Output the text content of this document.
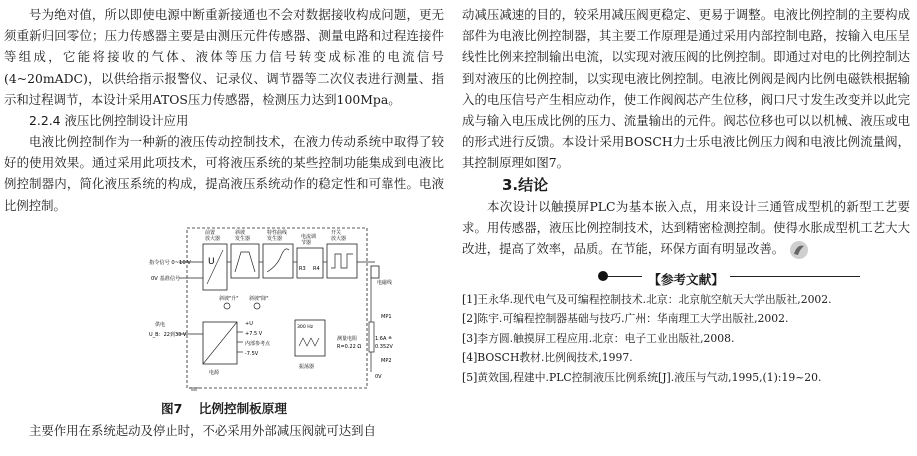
号为绝对值，所以即使电源中断重新接通也不会对数据接收构成问题，更无须重新归回零位；压力传感器主要是由测压元件传感器、测量电路和过程连接件等组成，它能将接收的气体、液体等压力信号转变成标准的电流信号(4~20mADC)，以供给指示报警仪、记录仪、调节器等二次仪表进行测量、指示和过程调节，本设计采用ATOS压力传感器，检测压力达到100Mpa。

2.2.4 液压比例控制设计应用

电液比例控制作为一种新的液压传动控制技术，在液力传动系统中取得了较好的使用效果。通过采用此项技术，可将液压系统的某些控制功能集成到电液比例控制器内，简化液压系统的构成，提高液压系统动作的稳定性和可靠性。电液比例控制。

指令信号 0~10 V
0V 基准信号
前置
放大器
U
斜坡
发生器
特性曲线
发生器	电流调
节器
R3 R4
开关
放大器
电磁线
斜坡"升" 斜坡"降"
供电
U_B：22到33 V
电源
+U
+7.5 V
内部参考点
-7.5V
300 Hz
振荡器
MP1
测量电阻
R=0.22 Ω
1.6A ≙
0.352V
MP2
0V
图7 比例控制板原理

主要作用在系统起动及停止时，不必采用外部减压阀就可达到自

动减压减速的目的，较采用减压阀更稳定、更易于调整。电液比例控制的主要构成部件为电液比例控制器，其主要工作原理是通过采用内部控制电路，按输入电压呈线性比例来控制输出电流，以实现对液压阀的比例控制。即通过对电的比例控制达到对液压的比例控制，以实现电液比例控制。电液比例阀是阀内比例电磁铁根据输入的电压信号产生相应动作，使工作阀阀芯产生位移，阀口尺寸发生改变并以此完成与输入电压成比例的压力、流量输出的元件。阀芯位移也可以以机械、液压或电的形式进行反馈。本设计采用BOSCH力士乐电液比例压力阀和电液比例流量阀，其控制原理如图7。

3.结论

本次设计以触摸屏PLC为基本嵌入点，用来设计三通管成型机的新型工艺要求。用传感器，液压比例控制技术，达到精密检测控制。使得水胀成型机工艺大大改进，提高了效率，品质。在节能，环保方面有明显改善。

【参考文献】

[1]王永华.现代电气及可编程控制技术.北京：北京航空航天大学出版社,2002.

[2]陈宇.可编程控制器基础与技巧.广州：华南理工大学出版社,2002.

[3]李方圆.触摸屏工程应用.北京：电子工业出版社,2008.

[4]BOSCH教材.比例阀技术,1997.

[5]黄效国,程建中.PLC控制液压比例系统[J].液压与气动,1995,(1):19~20.
